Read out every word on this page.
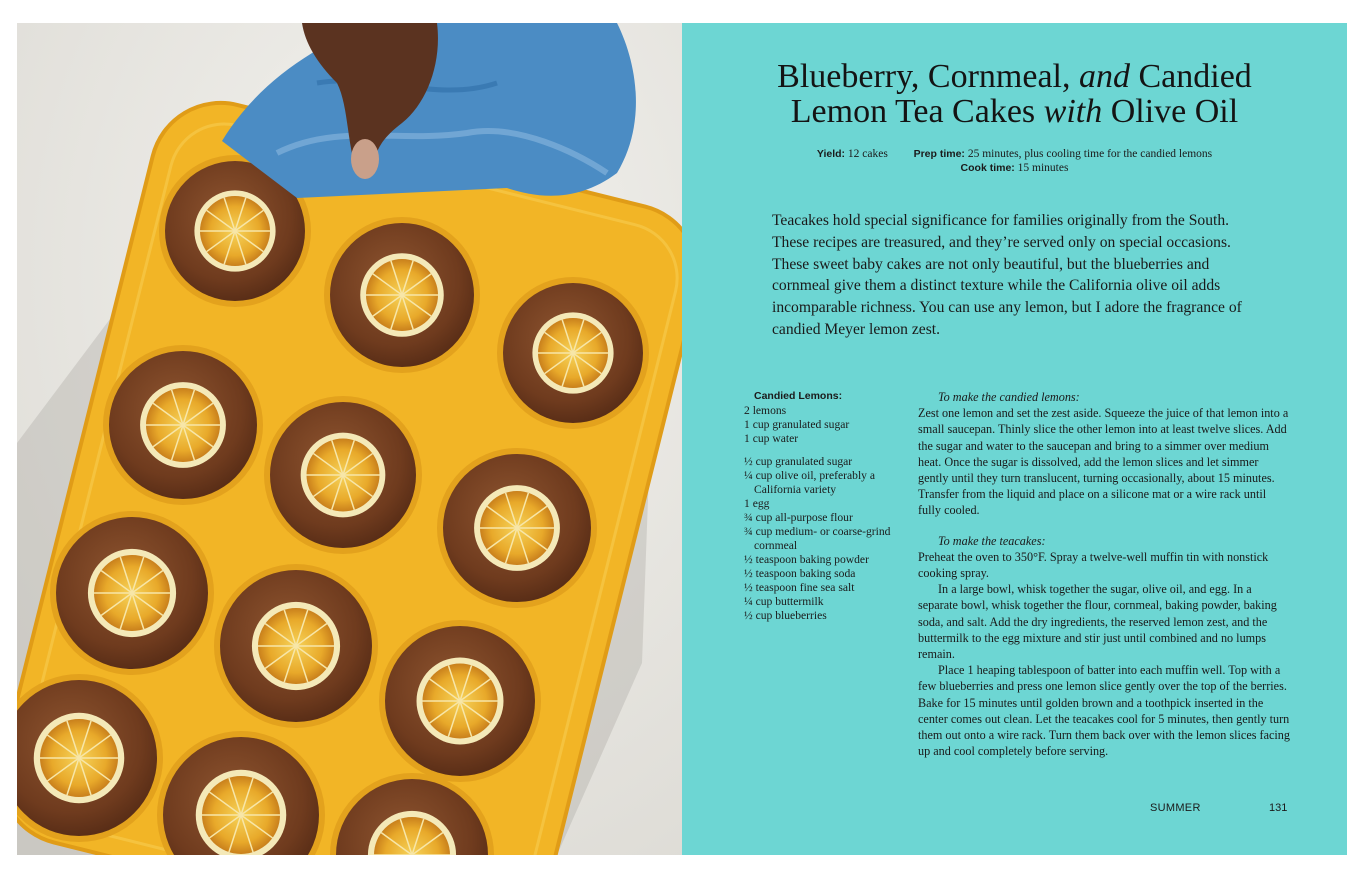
Blueberry, Cornmeal, and Candied
Lemon Tea Cakes with Olive Oil
Yield: 12 cakes Prep time: 25 minutes, plus cooling time for the candied lemons
Cook time: 15 minutes

Teacakes hold special significance for families originally from the South. These recipes are treasured, and they’re served only on special occasions. These sweet baby cakes are not only beautiful, but the blueberries and cornmeal give them a distinct texture while the California olive oil adds incomparable richness. You can use any lemon, but I adore the fragrance of candied Meyer lemon zest.

Candied Lemons:
2 lemons
1 cup granulated sugar
1 cup water
½ cup granulated sugar
¼ cup olive oil, preferably a California variety
1 egg
¾ cup all-purpose flour
¾ cup medium- or coarse-grind cornmeal
½ teaspoon baking powder
½ teaspoon baking soda
½ teaspoon fine sea salt
¼ cup buttermilk
½ cup blueberries

To make the candied lemons:

Zest one lemon and set the zest aside. Squeeze the juice of that lemon into a small saucepan. Thinly slice the other lemon into at least twelve slices. Add the sugar and water to the saucepan and bring to a simmer over medium heat. Once the sugar is dissolved, add the lemon slices and let simmer gently until they turn translucent, turning occasionally, about 15 minutes. Transfer from the liquid and place on a silicone mat or a wire rack until fully cooled.

To make the teacakes:

Preheat the oven to 350°F. Spray a twelve-well muffin tin with nonstick cooking spray.

In a large bowl, whisk together the sugar, olive oil, and egg. In a separate bowl, whisk together the flour, cornmeal, baking powder, baking soda, and salt. Add the dry ingredients, the reserved lemon zest, and the buttermilk to the egg mixture and stir just until combined and no lumps remain.

Place 1 heaping tablespoon of batter into each muffin well. Top with a few blueberries and press one lemon slice gently over the top of the berries. Bake for 15 minutes until golden brown and a toothpick inserted in the center comes out clean. Let the teacakes cool for 5 minutes, then gently turn them out onto a wire rack. Turn them back over with the lemon slices facing up and cool completely before serving.

SUMMER	131
